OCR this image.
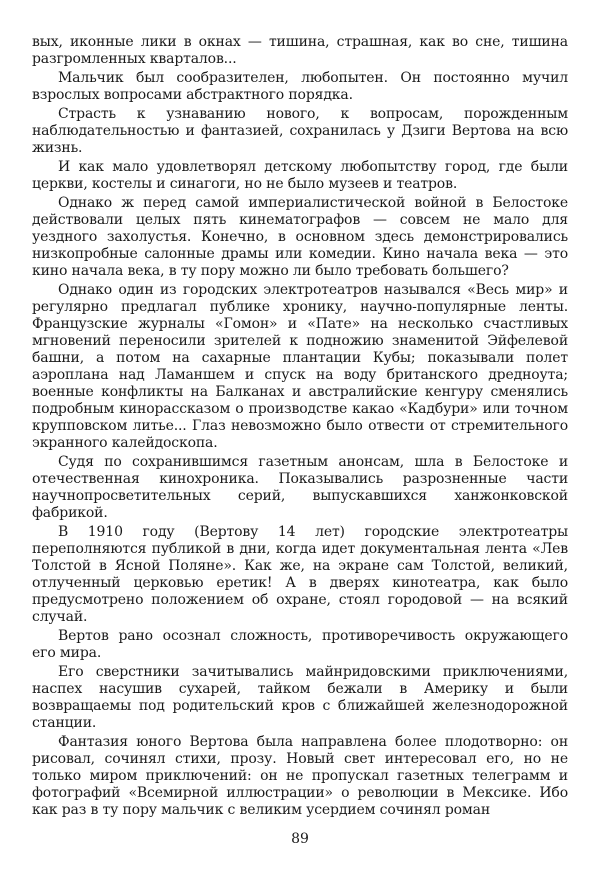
вых, иконные лики в окнах — тишина, страшная, как во сне, тишина разгромленных кварталов...

Мальчик был сообразителен, любопытен. Он постоянно мучил взрослых вопросами абстрактного порядка.

Страсть к узнаванию нового, к вопросам, порожденным наблюдательностью и фантазией, сохранилась у Дзиги Вертова на всю жизнь.

И как мало удовлетворял детскому любопытству город, где были церкви, костелы и синагоги, но не было музеев и театров.

Однако ж перед самой империалистической войной в Белостоке действовали целых пять кинематографов — совсем не мало для уездного захолустья. Конечно, в основном здесь демонстрировались низкопробные салонные драмы или комедии. Кино начала века — это кино начала века, в ту пору можно ли было требовать большего?

Однако один из городских электротеатров назывался «Весь мир» и регулярно предлагал публике хронику, научно-популярные ленты. Французские журналы «Гомон» и «Пате» на несколько счастливых мгновений переносили зрителей к подножию знаменитой Эйфелевой башни, а потом на сахарные плантации Кубы; показывали полет аэроплана над Ламаншем и спуск на воду британского дредноута; военные конфликты на Балканах и австралийские кенгуру сменялись подробным кинорассказом о производстве какао «Кадбури» или точном крупповском литье... Глаз невозможно было отвести от стремительного экранного калейдоскопа.

Судя по сохранившимся газетным анонсам, шла в Белостоке и отечественная кинохроника. Показывались разрозненные части научнопросветительных серий, выпускавшихся ханжонковской фабрикой.

В 1910 году (Вертову 14 лет) городские электротеатры переполняются публикой в дни, когда идет документальная лента «Лев Толстой в Ясной Поляне». Как же, на экране сам Толстой, великий, отлученный церковью еретик! А в дверях кинотеатра, как было предусмотрено положением об охране, стоял городовой — на всякий случай.

Вертов рано осознал сложность, противоречивость окружающего его мира.

Его сверстники зачитывались майнридовскими приключениями, наспех насушив сухарей, тайком бежали в Америку и были возвращаемы под родительский кров с ближайшей железнодорожной станции.

Фантазия юного Вертова была направлена более плодотворно: он рисовал, сочинял стихи, прозу. Новый свет интересовал его, но не только миром приключений: он не пропускал газетных телеграмм и фотографий «Всемирной иллюстрации» о революции в Мексике. Ибо как раз в ту пору мальчик с великим усердием сочинял роман

89
